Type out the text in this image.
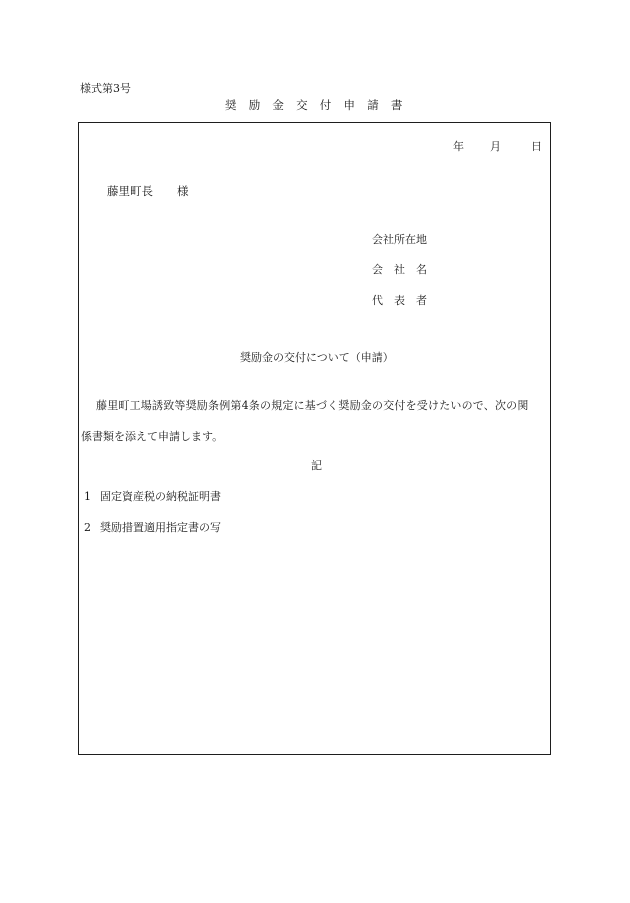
様式第3号
奨励金交付申請書
年 月	日
藤里町長 様
会社所在地
会社名
代表者
奨励金の交付について（申請）
藤里町工場誘致等奨励条例第4条の規定に基づく奨励金の交付を受けたいので、次の関
係書類を添えて申請します。
記
1 固定資産税の納税証明書
2 奨励措置適用指定書の写
